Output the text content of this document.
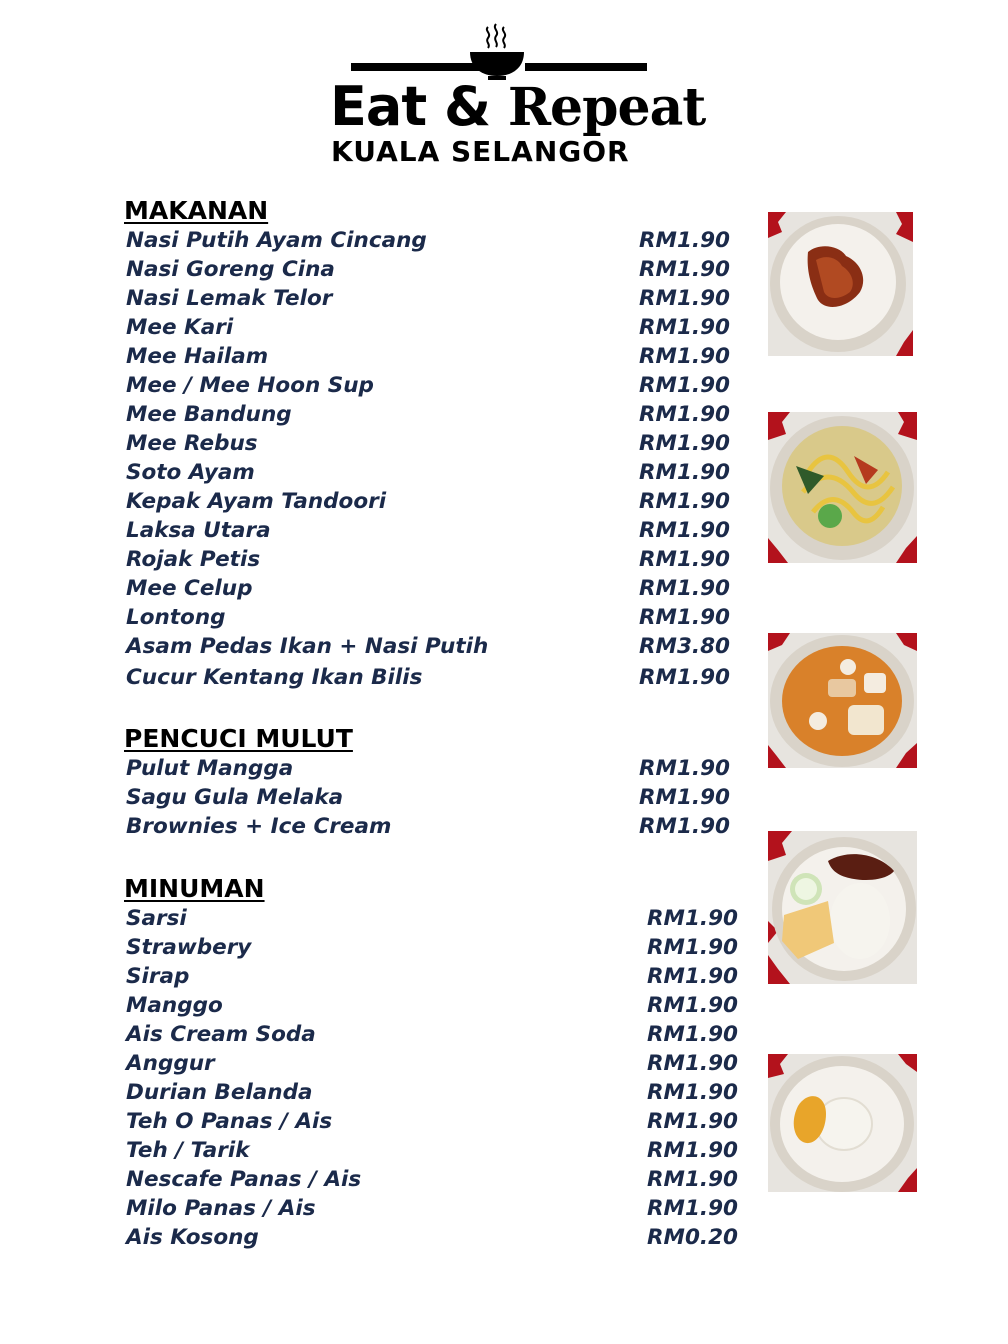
Eat & Repeat
KUALA SELANGOR
MAKANAN
Nasi Putih Ayam Cincang	RM1.90
Nasi Goreng Cina	RM1.90
Nasi Lemak Telor	RM1.90
Mee Kari	RM1.90
Mee Hailam	RM1.90
Mee / Mee Hoon Sup	RM1.90
Mee Bandung	RM1.90
Mee Rebus	RM1.90
Soto Ayam	RM1.90
Kepak Ayam Tandoori	RM1.90
Laksa Utara	RM1.90
Rojak Petis	RM1.90
Mee Celup	RM1.90
Lontong	RM1.90
Asam Pedas Ikan + Nasi Putih	RM3.80
Cucur Kentang Ikan Bilis	RM1.90
PENCUCI MULUT
Pulut Mangga	RM1.90
Sagu Gula Melaka	RM1.90
Brownies + Ice Cream	RM1.90
MINUMAN
Sarsi	RM1.90
Strawbery	RM1.90
Sirap	RM1.90
Manggo	RM1.90
Ais Cream Soda	RM1.90
Anggur	RM1.90
Durian Belanda	RM1.90
Teh O Panas / Ais	RM1.90
Teh / Tarik	RM1.90
Nescafe Panas / Ais	RM1.90
Milo Panas / Ais	RM1.90
Ais Kosong	RM0.20
